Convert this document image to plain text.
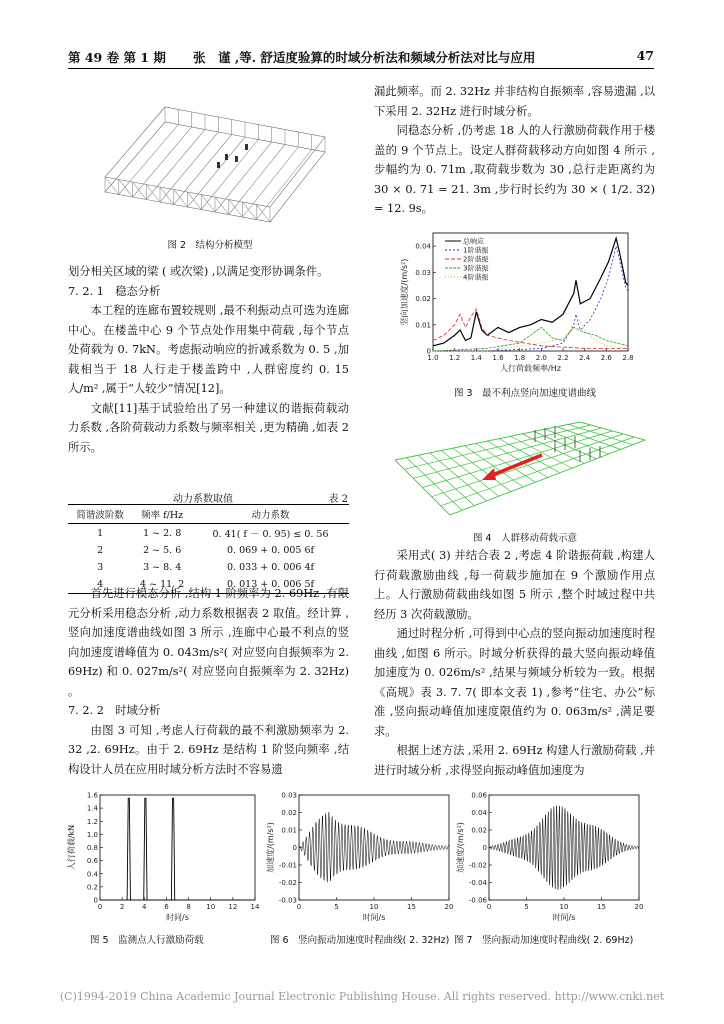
第 49 卷 第 1 期 张　谨 ,等. 舒适度验算的时域分析法和频域分析法对比与应用	47
图 2　结构分析模型

划分相关区域的梁 ( 或次梁) ,以满足变形协调条件。

7. 2. 1　稳态分析

本工程的连廊布置较规则 ,最不利振动点可选为连廊中心。在楼盖中心 9 个节点处作用集中荷载 ,每个节点处荷载为 0. 7kN。考虑振动响应的折减系数为 0. 5 ,加载相当于 18 人行走于楼盖跨中 ,人群密度约 0. 15 人/m² ,属于“人较少”情况[12]。

文献[11]基于试验给出了另一种建议的谐振荷载动力系数 ,各阶荷载动力系数与频率相关 ,更为精确 ,如表 2 所示。

动力系数取值	表 2
简谐波阶数	频率 f/Hz	动力系数
1	1 ~ 2. 8	0. 41( f － 0. 95) ≤ 0. 56
2	2 ~ 5. 6	0. 069 + 0. 005 6f
3	3 ~ 8. 4	0. 033 + 0. 006 4f
4	4 ~ 11. 2	0. 013 + 0. 006 5f

首先进行模态分析 ,结构 1 阶频率为 2. 69Hz ,有限元分析采用稳态分析 ,动力系数根据表 2 取值。经计算 ,竖向加速度谱曲线如图 3 所示 ,连廊中心最不利点的竖向加速度谱峰值为 0. 043m/s²( 对应竖向自振频率为 2. 69Hz) 和 0. 027m/s²( 对应竖向自振频率为 2. 32Hz) 。

7. 2. 2　时域分析

由图 3 可知 ,考虑人行荷载的最不利激励频率为 2. 32 ,2. 69Hz。由于 2. 69Hz 是结构 1 阶竖向频率 ,结构设计人员在应用时域分析方法时不容易遗

漏此频率。而 2. 32Hz 并非结构自振频率 ,容易遗漏 ,以下采用 2. 32Hz 进行时域分析。

同稳态分析 ,仍考虑 18 人的人行激励荷载作用于楼盖的 9 个节点上。设定人群荷载移动方向如图 4 所示 ,步幅约为 0. 71m ,取荷载步数为 30 ,总行走距离约为 30 × 0. 71 = 21. 3m ,步行时长约为 30 × ( 1/2. 32) = 12. 9s。

1.0 1.2 1.4 1.6 1.8 2.0 2.2 2.4 2.6 2.8
0
0.01
0.02
0.03
0.04
人行荷载频率/Hz
竖向加速度/(m/s²)
总响应
1阶谐振
2阶谐振
3阶谐振
4阶谐振
图 3　最不利点竖向加速度谱曲线
图 4　人群移动荷载示意

采用式( 3) 并结合表 2 ,考虑 4 阶谐振荷载 ,构建人行荷载激励曲线 ,每一荷载步施加在 9 个激励作用点上。人行激励荷载曲线如图 5 所示 ,整个时域过程中共经历 3 次荷载激励。

通过时程分析 ,可得到中心点的竖向振动加速度时程曲线 ,如图 6 所示。时域分析获得的最大竖向振动峰值加速度为 0. 026m/s² ,结果与频域分析较为一致。根据《高规》表 3. 7. 7( 即本文表 1) ,参考“住宅、办公”标准 ,竖向振动峰值加速度限值约为 0. 063m/s² ,满足要求。

根据上述方法 ,采用 2. 69Hz 构建人行激励荷载 ,并进行时域分析 ,求得竖向振动峰值加速度为

0	2	4	6	8 10 12 14
0
0.2
0.4
0.6
0.8
1.0
1.2
1.4
1.6
时间/s
人行荷载/kN
0	5	10	15	20
-0.03
-0.02
-0.01
0
0.01
0.02
0.03
时间/s
加速度/(m/s²)
0	5	10	15	20
-0.06
-0.04
-0.02
0
0.02
0.04
0.06
时间/s
加速度/(m/s²)
图 5　监测点人行激励荷载	图 6　竖向振动加速度时程曲线( 2. 32Hz) 图 7　竖向振动加速度时程曲线( 2. 69Hz)
(C)1994-2019 China Academic Journal Electronic Publishing House. All rights reserved. http://www.cnki.net
